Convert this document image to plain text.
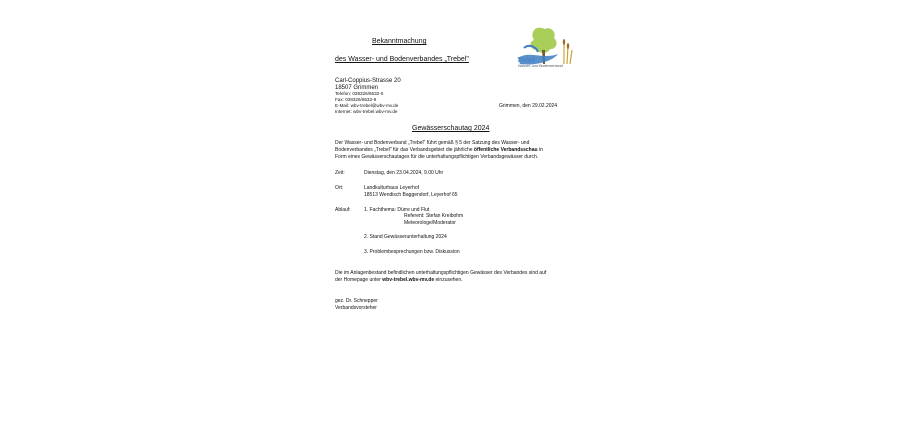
Bekanntmachung
des Wasser- und Bodenverbandes „Trebel"	Trebel
Wasser- und Bodenverband
Carl-Coppius-Strasse 20
18507 Grimmen
Telefon: 038326/6532-0
Fax: 038326/6532-9
E-Mail: wbv-trebel@wbv-mv.de
Internet: wbv-trebel.wbv-mv.de
Grimmen, den 29.02.2024
Gewässerschautag 2024
Der Wasser- und Bodenverband „Trebel" führt gemäß § 5 der Satzung des Wasser- und
Bodenverbandes „Trebel" für das Verbandsgebiet die jährliche öffentliche Verbandsschau in
Form eines Gewässerschautages für die unterhaltungspflichtigen Verbandsgewässer durch.
Zeit:	Dienstag, den 23.04.2024, 9.00 Uhr
Ort:	Landkulturhaus Leyerhof
18513 Wendisch Baggendorf, Leyerhof 65
Ablauf:	1. Fachthema: Dürre und Flut
Referent: Stefan Kreibohm
Meteorologe/Moderator
2. Stand Gewässerunterhaltung 2024
3. Problembesprechungen bzw. Diskussion
Die im Anlagenbestand befindlichen unterhaltungspflichtigen Gewässer des Verbandes sind auf
der Homepage unter wbv-trebel.wbv-mv.de einzusehen.
gez. Dr. Schnepper
Verbandsvorsteher
